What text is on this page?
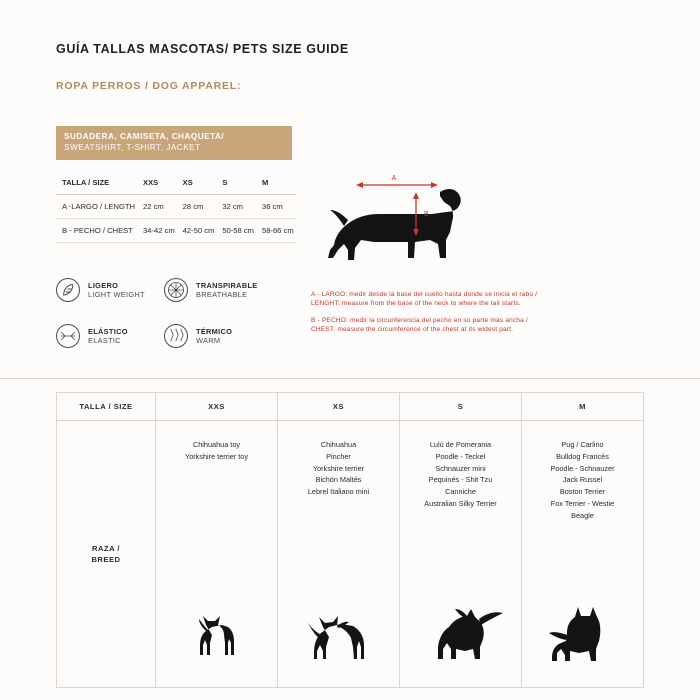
GUÍA TALLAS MASCOTAS/ PETS SIZE GUIDE
ROPA PERROS / DOG APPAREL:
SUDADERA, CAMISETA, CHAQUETA/
SWEATSHIRT, T-SHIRT, JACKET
TALLA / SIZE	XXS	XS	S	M
A -LARGO / LENGTH	22 cm	28 cm	32 cm	36 cm
B - PECHO / CHEST	34-42 cm	42-50 cm	50-58 cm	58-66 cm
LIGERO
LIGHT WEIGHT
TRANSPIRABLE
BREATHABLE
ELÁSTICO
ELASTIC
TÉRMICO
WARM
A
B
A - LARGO: medir desde la base del cuello hasta donde se inicia el rabo /
LENGHT: measure from the base of the neck to where the tail starts.
B - PECHO: medir la circunferencia del pecho en su parte más ancha /
CHEST: measure the circumference of the chest at its widest part.
TALLA / SIZE	XXS	XS	S	M

RAZA /
BREED

Chihuahua toy
Yorkshire terrier toy

Chihuahua
Pincher
Yorkshire terrier
Bichón Maltés
Lebrel Italiano mini

Lulú de Pomerania
Poodle - Teckel
Schnauzer mini
Pequinés - Shit Tzu
Canniche
Australian Silky Terrier

Pug / Carlino
Bulldog Francés
Poodle - Schnauzer
Jack Russel
Boston Terrier
Fox Terrier - Westie
Beagle
